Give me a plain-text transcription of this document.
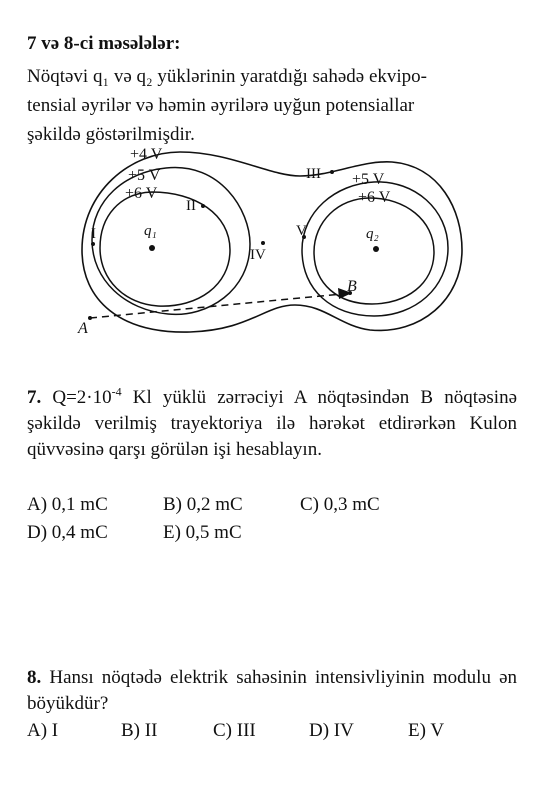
7 və 8-ci məsələlər:
Nöqtəvi q₁ və q₂ yüklərinin yaratdığı sahədə ekvipo-
tensial əyrilər və həmin əyrilərə uyğun potensiallar
şəkildə göstərilmişdir.
+4 V
+5 V
+6 V
+5 V
+6 V
q₁	q₂
I
II
III
IV
V
A
B
7. $Q=2\cdot 10^{-4}$ Kl yüklü zərrəciyi A nöqtəsindən B nöqtəsinə şəkildə verilmiş trayektoriya ilə hərəkət etdirərkən Kulon qüvvəsinə qarşı görülən işi hesablayın.
A) 0,1 mC	B) 0,2 mC	C) 0,3 mC
D) 0,4 mC	E) 0,5 mC
8. Hansı nöqtədə elektrik sahəsinin intensivliyinin modulu ən böyükdür?
A) I	B) II	C) III	D) IV	E) V
